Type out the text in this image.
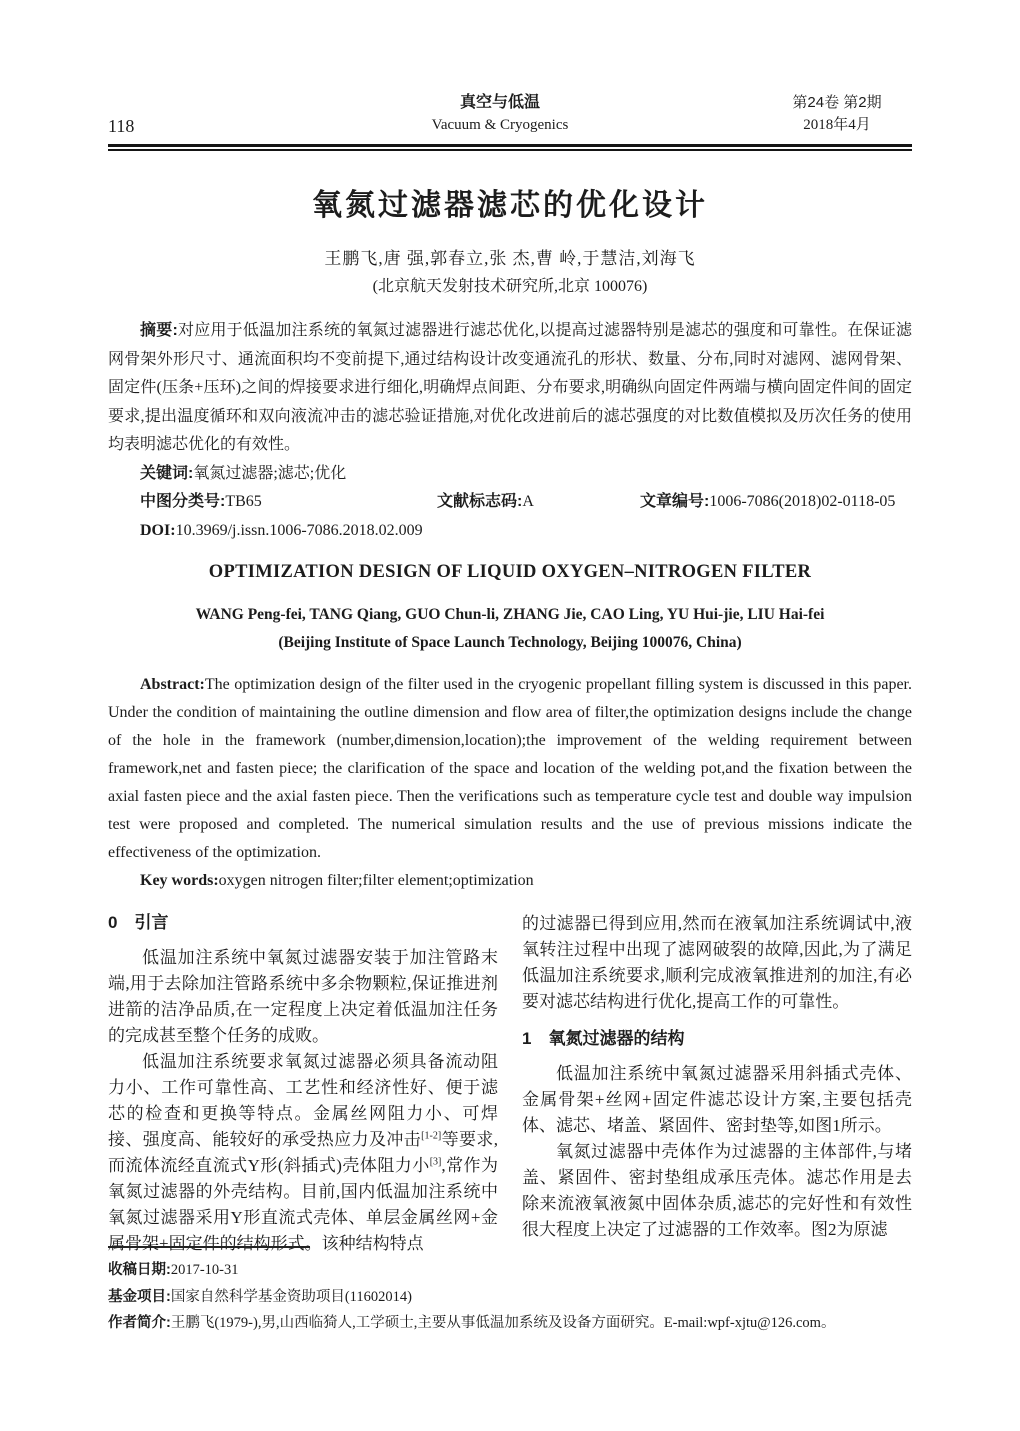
118
真空与低温
Vacuum & Cryogenics
第24卷 第2期
2018年4月
氧氮过滤器滤芯的优化设计
王鹏飞,唐 强,郭春立,张 杰,曹 岭,于慧洁,刘海飞
(北京航天发射技术研究所,北京 100076)

摘要:对应用于低温加注系统的氧氮过滤器进行滤芯优化,以提高过滤器特别是滤芯的强度和可靠性。在保证滤网骨架外形尺寸、通流面积均不变前提下,通过结构设计改变通流孔的形状、数量、分布,同时对滤网、滤网骨架、固定件(压条+压环)之间的焊接要求进行细化,明确焊点间距、分布要求,明确纵向固定件两端与横向固定件间的固定要求,提出温度循环和双向液流冲击的滤芯验证措施,对优化改进前后的滤芯强度的对比数值模拟及历次任务的使用均表明滤芯优化的有效性。

关键词:氧氮过滤器;滤芯;优化

中图分类号:TB65	文献标志码:A	文章编号:1006-7086(2018)02-0118-05

DOI:10.3969/j.issn.1006-7086.2018.02.009

OPTIMIZATION DESIGN OF LIQUID OXYGEN–NITROGEN FILTER
WANG Peng-fei, TANG Qiang, GUO Chun-li, ZHANG Jie, CAO Ling, YU Hui-jie, LIU Hai-fei
(Beijing Institute of Space Launch Technology, Beijing 100076, China)

Abstract:The optimization design of the filter used in the cryogenic propellant filling system is discussed in this paper. Under the condition of maintaining the outline dimension and flow area of filter,the optimization designs include the change of the hole in the framework (number,dimension,location);the improvement of the welding requirement between framework,net and fasten piece; the clarification of the space and location of the welding pot,and the fixation between the axial fasten piece and the axial fasten piece. Then the verifications such as temperature cycle test and double way impulsion test were proposed and completed. The numerical simulation results and the use of previous missions indicate the effectiveness of the optimization.

Key words:oxygen nitrogen filter;filter element;optimization

0 引言

低温加注系统中氧氮过滤器安装于加注管路末端,用于去除加注管路系统中多余物颗粒,保证推进剂进箭的洁净品质,在一定程度上决定着低温加注任务的完成甚至整个任务的成败。

低温加注系统要求氧氮过滤器必须具备流动阻力小、工作可靠性高、工艺性和经济性好、便于滤芯的检查和更换等特点。金属丝网阻力小、可焊接、强度高、能较好的承受热应力及冲击[1-2]等要求,而流体流经直流式Y形(斜插式)壳体阻力小[3],常作为氧氮过滤器的外壳结构。目前,国内低温加注系统中氧氮过滤器采用Y形直流式壳体、单层金属丝网+金属骨架+固定件的结构形式。该种结构特点

的过滤器已得到应用,然而在液氧加注系统调试中,液氧转注过程中出现了滤网破裂的故障,因此,为了满足低温加注系统要求,顺利完成液氧推进剂的加注,有必要对滤芯结构进行优化,提高工作的可靠性。

1 氧氮过滤器的结构

低温加注系统中氧氮过滤器采用斜插式壳体、金属骨架+丝网+固定件滤芯设计方案,主要包括壳体、滤芯、堵盖、紧固件、密封垫等,如图1所示。

氧氮过滤器中壳体作为过滤器的主体部件,与堵盖、紧固件、密封垫组成承压壳体。滤芯作用是去除来流液氧液氮中固体杂质,滤芯的完好性和有效性很大程度上决定了过滤器的工作效率。图2为原滤

收稿日期:2017-10-31

基金项目:国家自然科学基金资助项目(11602014)

作者简介:王鹏飞(1979-),男,山西临猗人,工学硕士,主要从事低温加系统及设备方面研究。E-mail:wpf-xjtu@126.com。
